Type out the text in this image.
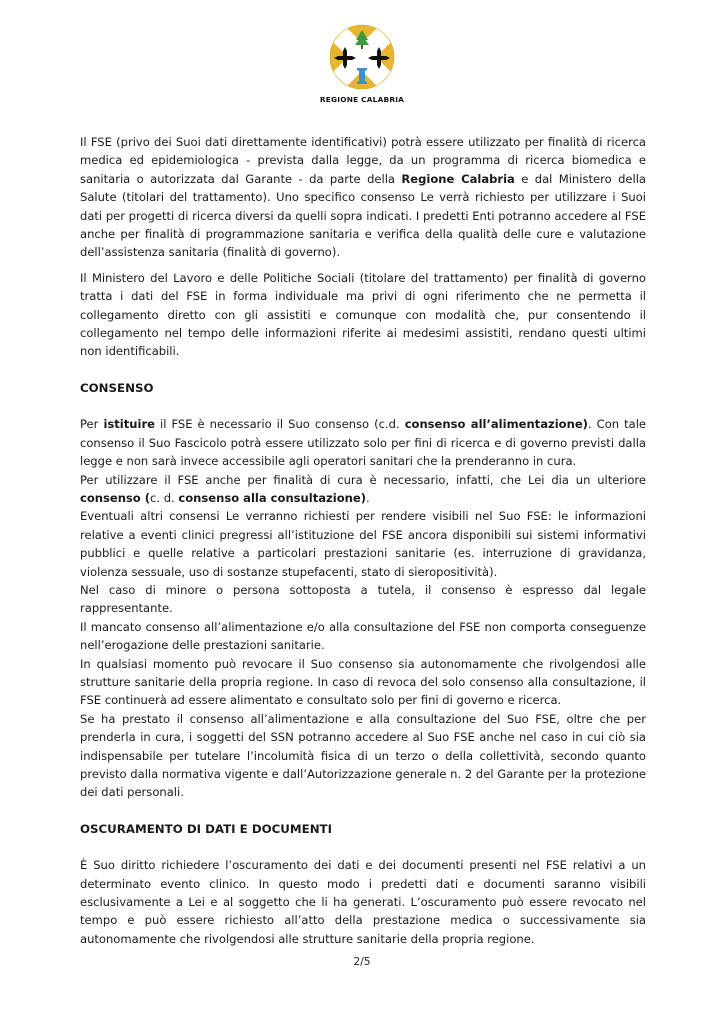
REGIONE CALABRIA

Il FSE (privo dei Suoi dati direttamente identificativi) potrà essere utilizzato per finalità di ricerca medica ed epidemiologica - prevista dalla legge, da un programma di ricerca biomedica e sanitaria o autorizzata dal Garante - da parte della Regione Calabria e dal Ministero della Salute (titolari del trattamento). Uno specifico consenso Le verrà richiesto per utilizzare i Suoi dati per progetti di ricerca diversi da quelli sopra indicati. I predetti Enti potranno accedere al FSE anche per finalità di programmazione sanitaria e verifica della qualità delle cure e valutazione dell’assistenza sanitaria (finalità di governo).

Il Ministero del Lavoro e delle Politiche Sociali (titolare del trattamento) per finalità di governo tratta i dati del FSE in forma individuale ma privi di ogni riferimento che ne permetta il collegamento diretto con gli assistiti e comunque con modalità che, pur consentendo il collegamento nel tempo delle informazioni riferite ai medesimi assistiti, rendano questi ultimi non identificabili.

CONSENSO

Per istituire il FSE è necessario il Suo consenso (c.d. consenso all’alimentazione). Con tale consenso il Suo Fascicolo potrà essere utilizzato solo per fini di ricerca e di governo previsti dalla legge e non sarà invece accessibile agli operatori sanitari che la prenderanno in cura.

Per utilizzare il FSE anche per finalità di cura è necessario, infatti, che Lei dia un ulteriore consenso (c. d. consenso alla consultazione).

Eventuali altri consensi Le verranno richiesti per rendere visibili nel Suo FSE: le informazioni relative a eventi clinici pregressi all’istituzione del FSE ancora disponibili sui sistemi informativi pubblici e quelle relative a particolari prestazioni sanitarie (es. interruzione di gravidanza, violenza sessuale, uso di sostanze stupefacenti, stato di sieropositività).

Nel caso di minore o persona sottoposta a tutela, il consenso è espresso dal legale rappresentante.

Il mancato consenso all’alimentazione e/o alla consultazione del FSE non comporta conseguenze nell’erogazione delle prestazioni sanitarie.

In qualsiasi momento può revocare il Suo consenso sia autonomamente che rivolgendosi alle strutture sanitarie della propria regione. In caso di revoca del solo consenso alla consultazione, il FSE continuerà ad essere alimentato e consultato solo per fini di governo e ricerca.

Se ha prestato il consenso all’alimentazione e alla consultazione del Suo FSE, oltre che per prenderla in cura, i soggetti del SSN potranno accedere al Suo FSE anche nel caso in cui ciò sia indispensabile per tutelare l’incolumità fisica di un terzo o della collettività, secondo quanto previsto dalla normativa vigente e dall’Autorizzazione generale n. 2 del Garante per la protezione dei dati personali.

OSCURAMENTO DI DATI E DOCUMENTI

È Suo diritto richiedere l’oscuramento dei dati e dei documenti presenti nel FSE relativi a un determinato evento clinico. In questo modo i predetti dati e documenti saranno visibili esclusivamente a Lei e al soggetto che li ha generati. L’oscuramento può essere revocato nel tempo e può essere richiesto all’atto della prestazione medica o successivamente sia autonomamente che rivolgendosi alle strutture sanitarie della propria regione.

2/5
